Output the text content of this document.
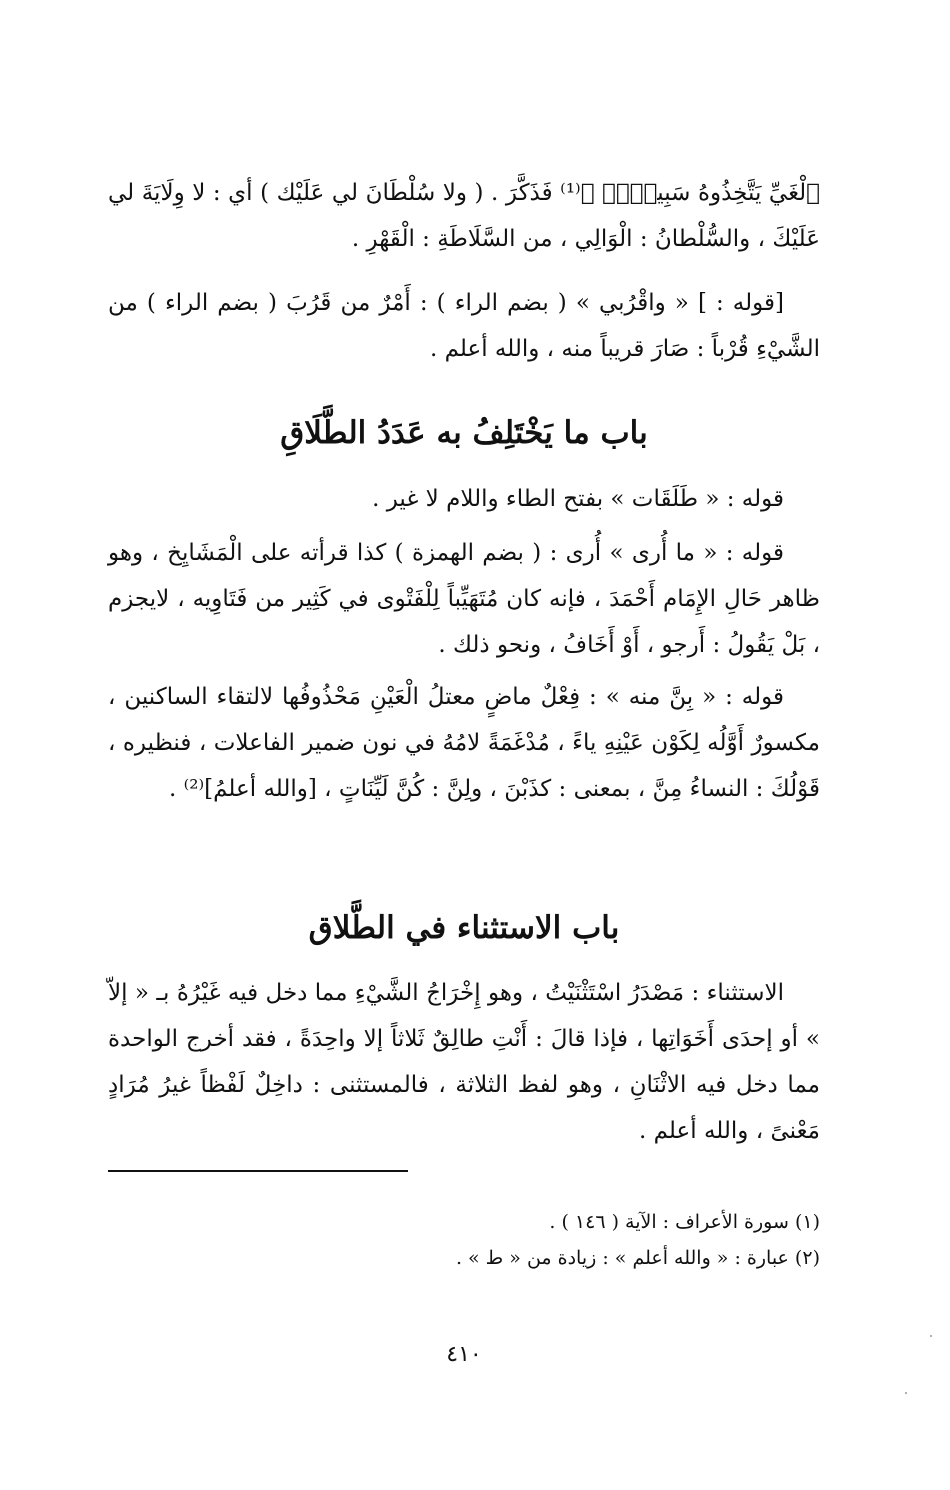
ٱلْغَيِّ يَتَّخِذُوهُ سَبِيلًاۚ ﴾⁽¹⁾ فَذَكَّرَ . ( ولا سُلْطَانَ لي عَلَيْك ) أي : لا وِلَايَةَ لي عَلَيْكَ ، والسُّلْطانُ : الْوَالِي ، من السَّلَاطَةِ : الْقَهْرِ .

[قوله : ] « واقْرُبي » ( بضم الراء ) : أَمْرٌ من قَرُبَ ( بضم الراء ) من الشَّيْءِ قُرْباً : صَارَ قريباً منه ، والله أعلم .

باب ما يَخْتَلِفُ به عَدَدُ الطَّلَاقِ

قوله : « طَلَقَات » بفتح الطاء واللام لا غير .

قوله : « ما أُرى » أُرى : ( بضم الهمزة ) كذا قرأته على الْمَشَايِخ ، وهو ظاهر حَالِ الإِمَام أَحْمَدَ ، فإنه كان مُتَهَيِّباً لِلْفَتْوى في كَثِير من فَتَاوِيه ، لايجزم ، بَلْ يَقُولُ : أَرجو ، أَوْ أَخَافُ ، ونحو ذلك .

قوله : « بِنَّ منه » : فِعْلٌ ماضٍ معتلُ الْعَيْنِ مَحْذُوفُها لالتقاء الساكنين ، مكسورٌ أَوَّلُه لِكَوْن عَيْنِهِ ياءً ، مُدْغَمَةً لامُهُ في نون ضمير الفاعلات ، فنظيره ، قَوْلُكَ : النساءُ مِنَّ ، بمعنى : كذَبْنَ ، ولِنَّ : كُنَّ لَيِّنَاتٍ ، [والله أعلمُ]⁽²⁾ .

باب الاستثناء في الطَّلاق

الاستثناء : مَصْدَرُ اسْتَثْنَيْتُ ، وهو إِخْرَاجُ الشَّيْءِ مما دخل فيه غَيْرُهُ بـ « إلاّ » أو إحدَى أَخَوَاتِها ، فإذا قالَ : أَنْتِ طالِقٌ ثَلاثاً إلا واحِدَةً ، فقد أخرج الواحدة مما دخل فيه الاثْنَانِ ، وهو لفظ الثلاثة ، فالمستثنى : داخِلٌ لَفْظاً غيرُ مُرَادٍ مَعْنىً ، والله أعلم .

(١) سورة الأعراف : الآية ( ١٤٦ ) .

(٢) عبارة : « والله أعلم » : زيادة من « ط » .

٤١٠
